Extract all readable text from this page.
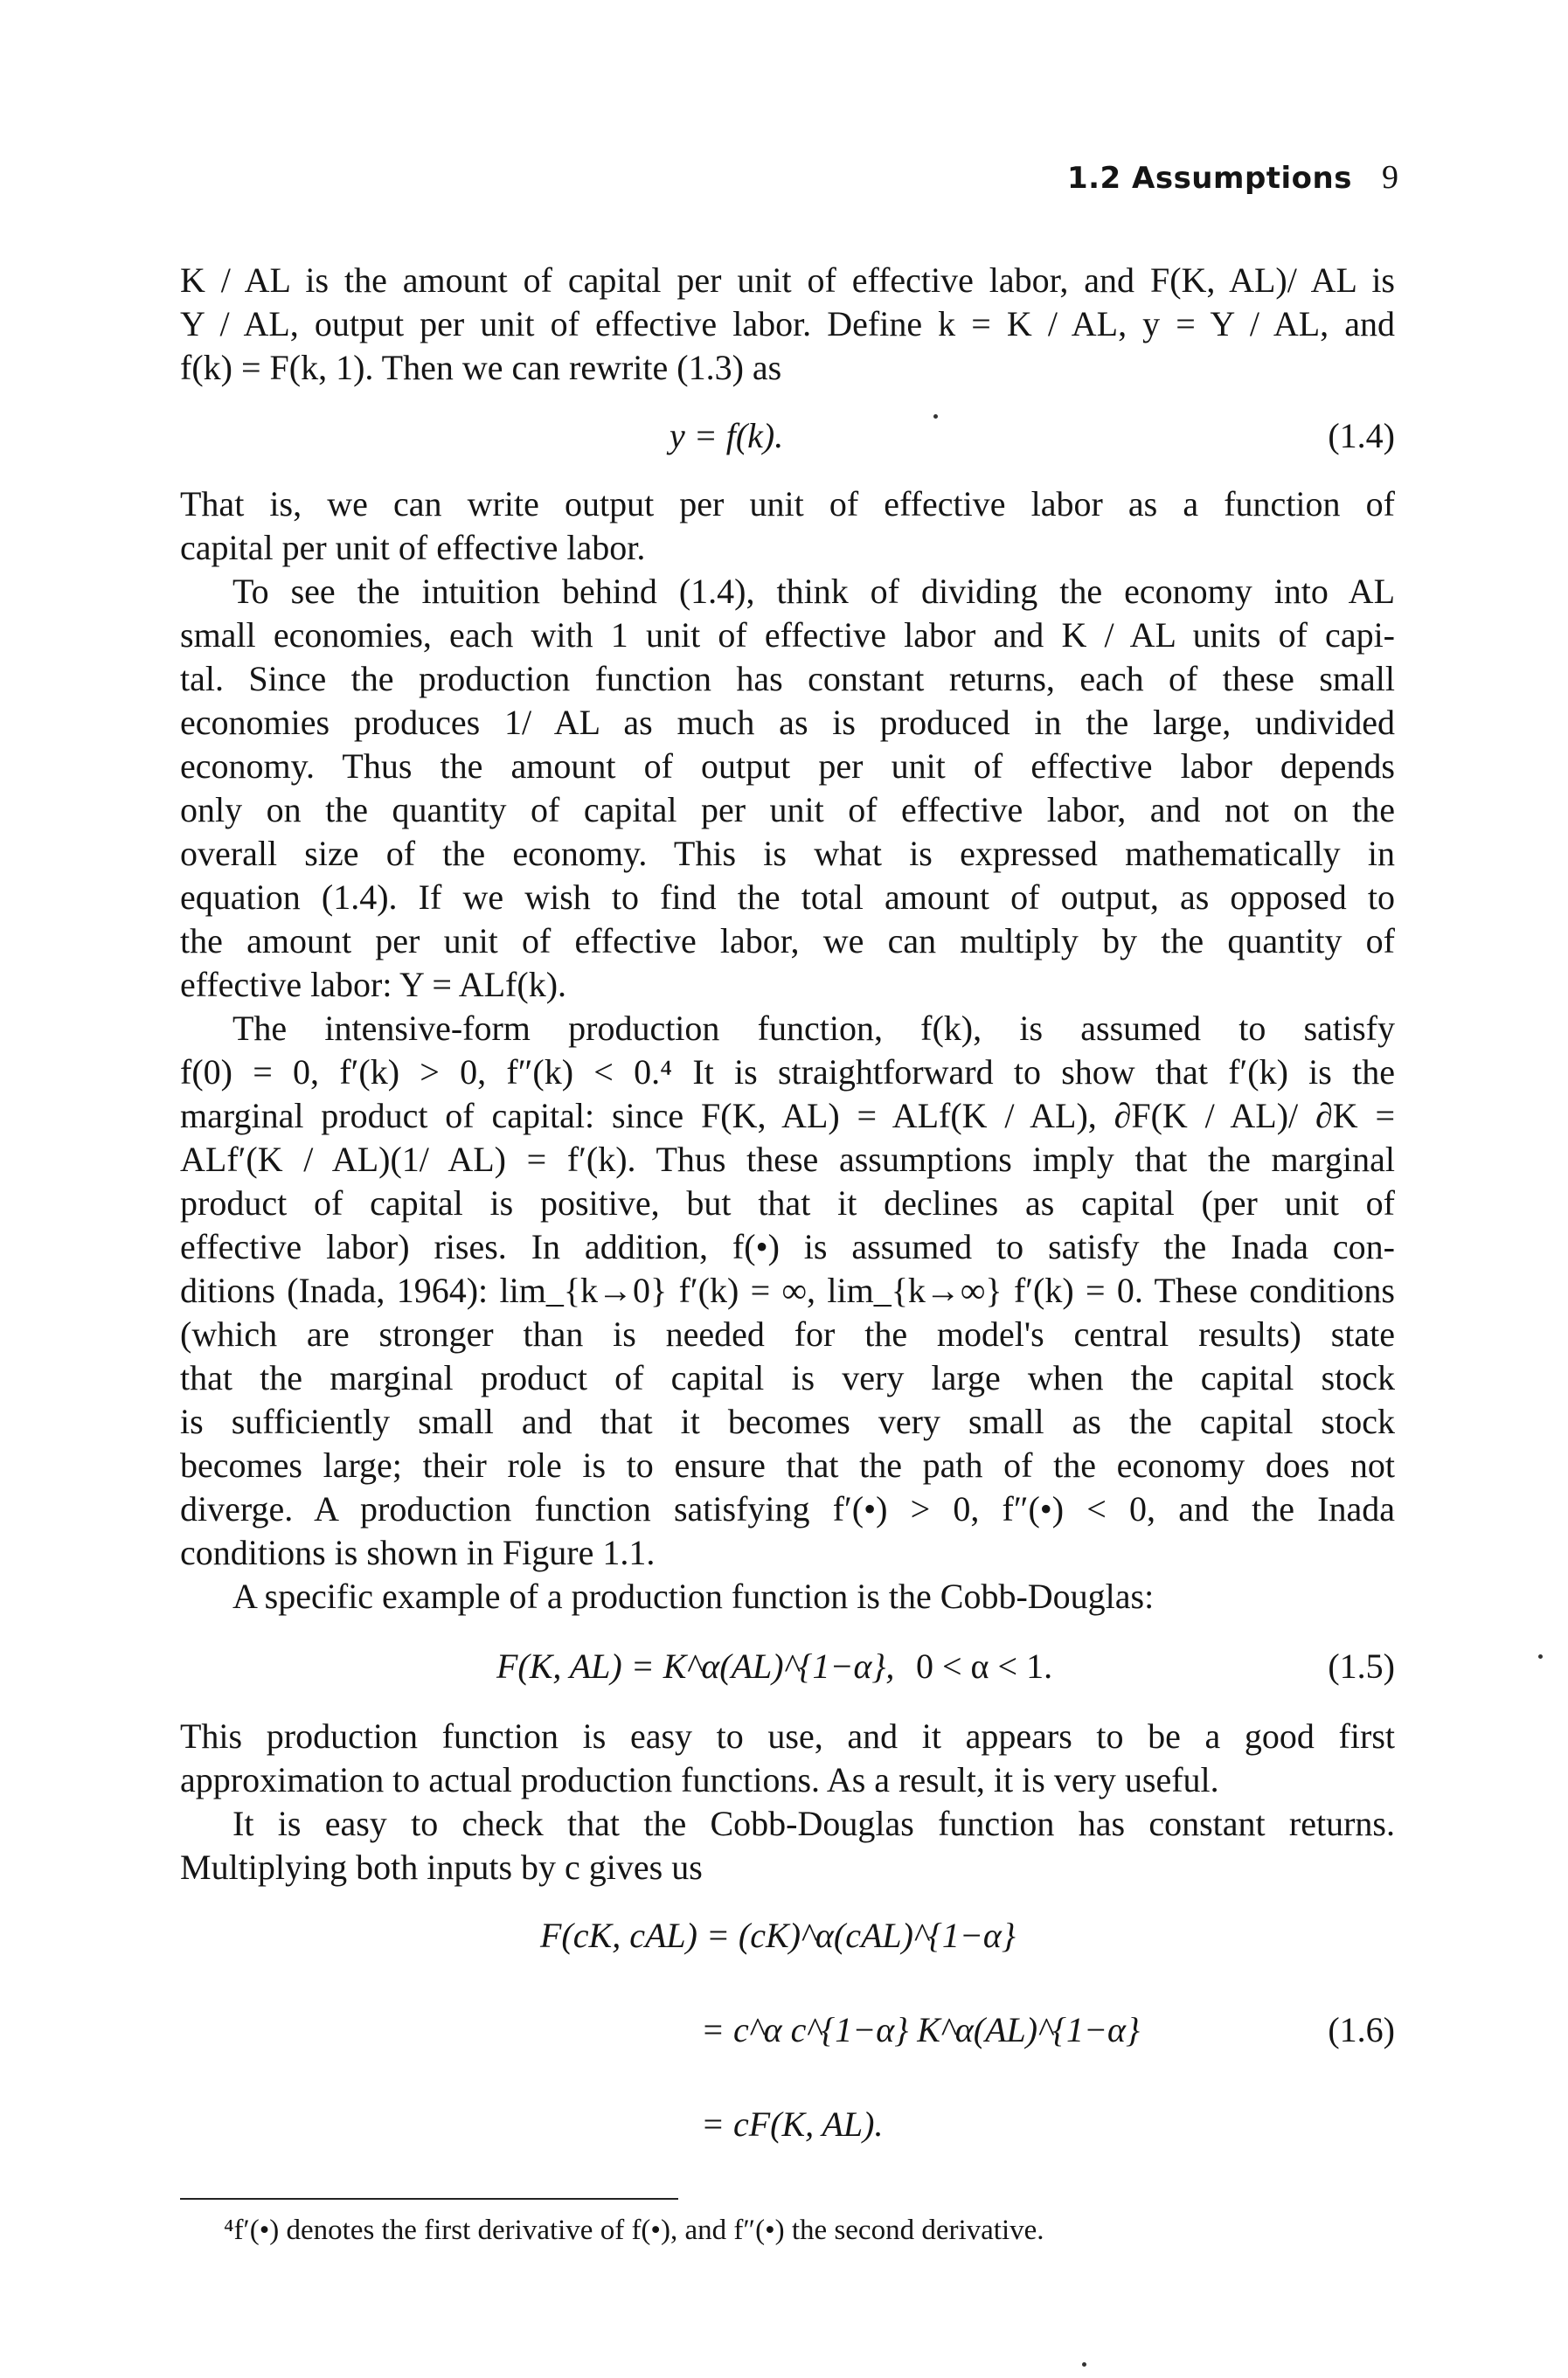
1.2 Assumptions 9
K / AL is the amount of capital per unit of effective labor, and F(K, AL)/ AL is
Y / AL, output per unit of effective labor. Define k = K / AL, y = Y / AL, and
f(k) = F(k, 1). Then we can rewrite (1.3) as
y = f(k).	(1.4)
That is, we can write output per unit of effective labor as a function of
capital per unit of effective labor.
To see the intuition behind (1.4), think of dividing the economy into AL
small economies, each with 1 unit of effective labor and K / AL units of capi-
tal. Since the production function has constant returns, each of these small
economies produces 1/ AL as much as is produced in the large, undivided
economy. Thus the amount of output per unit of effective labor depends
only on the quantity of capital per unit of effective labor, and not on the
overall size of the economy. This is what is expressed mathematically in
equation (1.4). If we wish to find the total amount of output, as opposed to
the amount per unit of effective labor, we can multiply by the quantity of
effective labor: Y = ALf(k).
The intensive-form production function, f(k), is assumed to satisfy
f(0) = 0, f′(k) > 0, f″(k) < 0.⁴ It is straightforward to show that f′(k) is the
marginal product of capital: since F(K, AL) = ALf(K / AL), ∂F(K / AL)/ ∂K =
ALf′(K / AL)(1/ AL) = f′(k). Thus these assumptions imply that the marginal
product of capital is positive, but that it declines as capital (per unit of
effective labor) rises. In addition, f(•) is assumed to satisfy the Inada con-
ditions (Inada, 1964): lim_{k→0} f′(k) = ∞, lim_{k→∞} f′(k) = 0. These conditions
(which are stronger than is needed for the model's central results) state
that the marginal product of capital is very large when the capital stock
is sufficiently small and that it becomes very small as the capital stock
becomes large; their role is to ensure that the path of the economy does not
diverge. A production function satisfying f′(•) > 0, f″(•) < 0, and the Inada
conditions is shown in Figure 1.1.
A specific example of a production function is the Cobb-Douglas:
F(K, AL) = K^α(AL)^{1−α}, 0 < α < 1.	(1.5)
This production function is easy to use, and it appears to be a good first
approximation to actual production functions. As a result, it is very useful.
It is easy to check that the Cobb-Douglas function has constant returns.
Multiplying both inputs by c gives us
F(cK, cAL) = (cK)^α(cAL)^{1−α}
= c^α c^{1−α} K^α(AL)^{1−α}
= cF(K, AL).
(1.6)
⁴f′(•) denotes the first derivative of f(•), and f″(•) the second derivative.
